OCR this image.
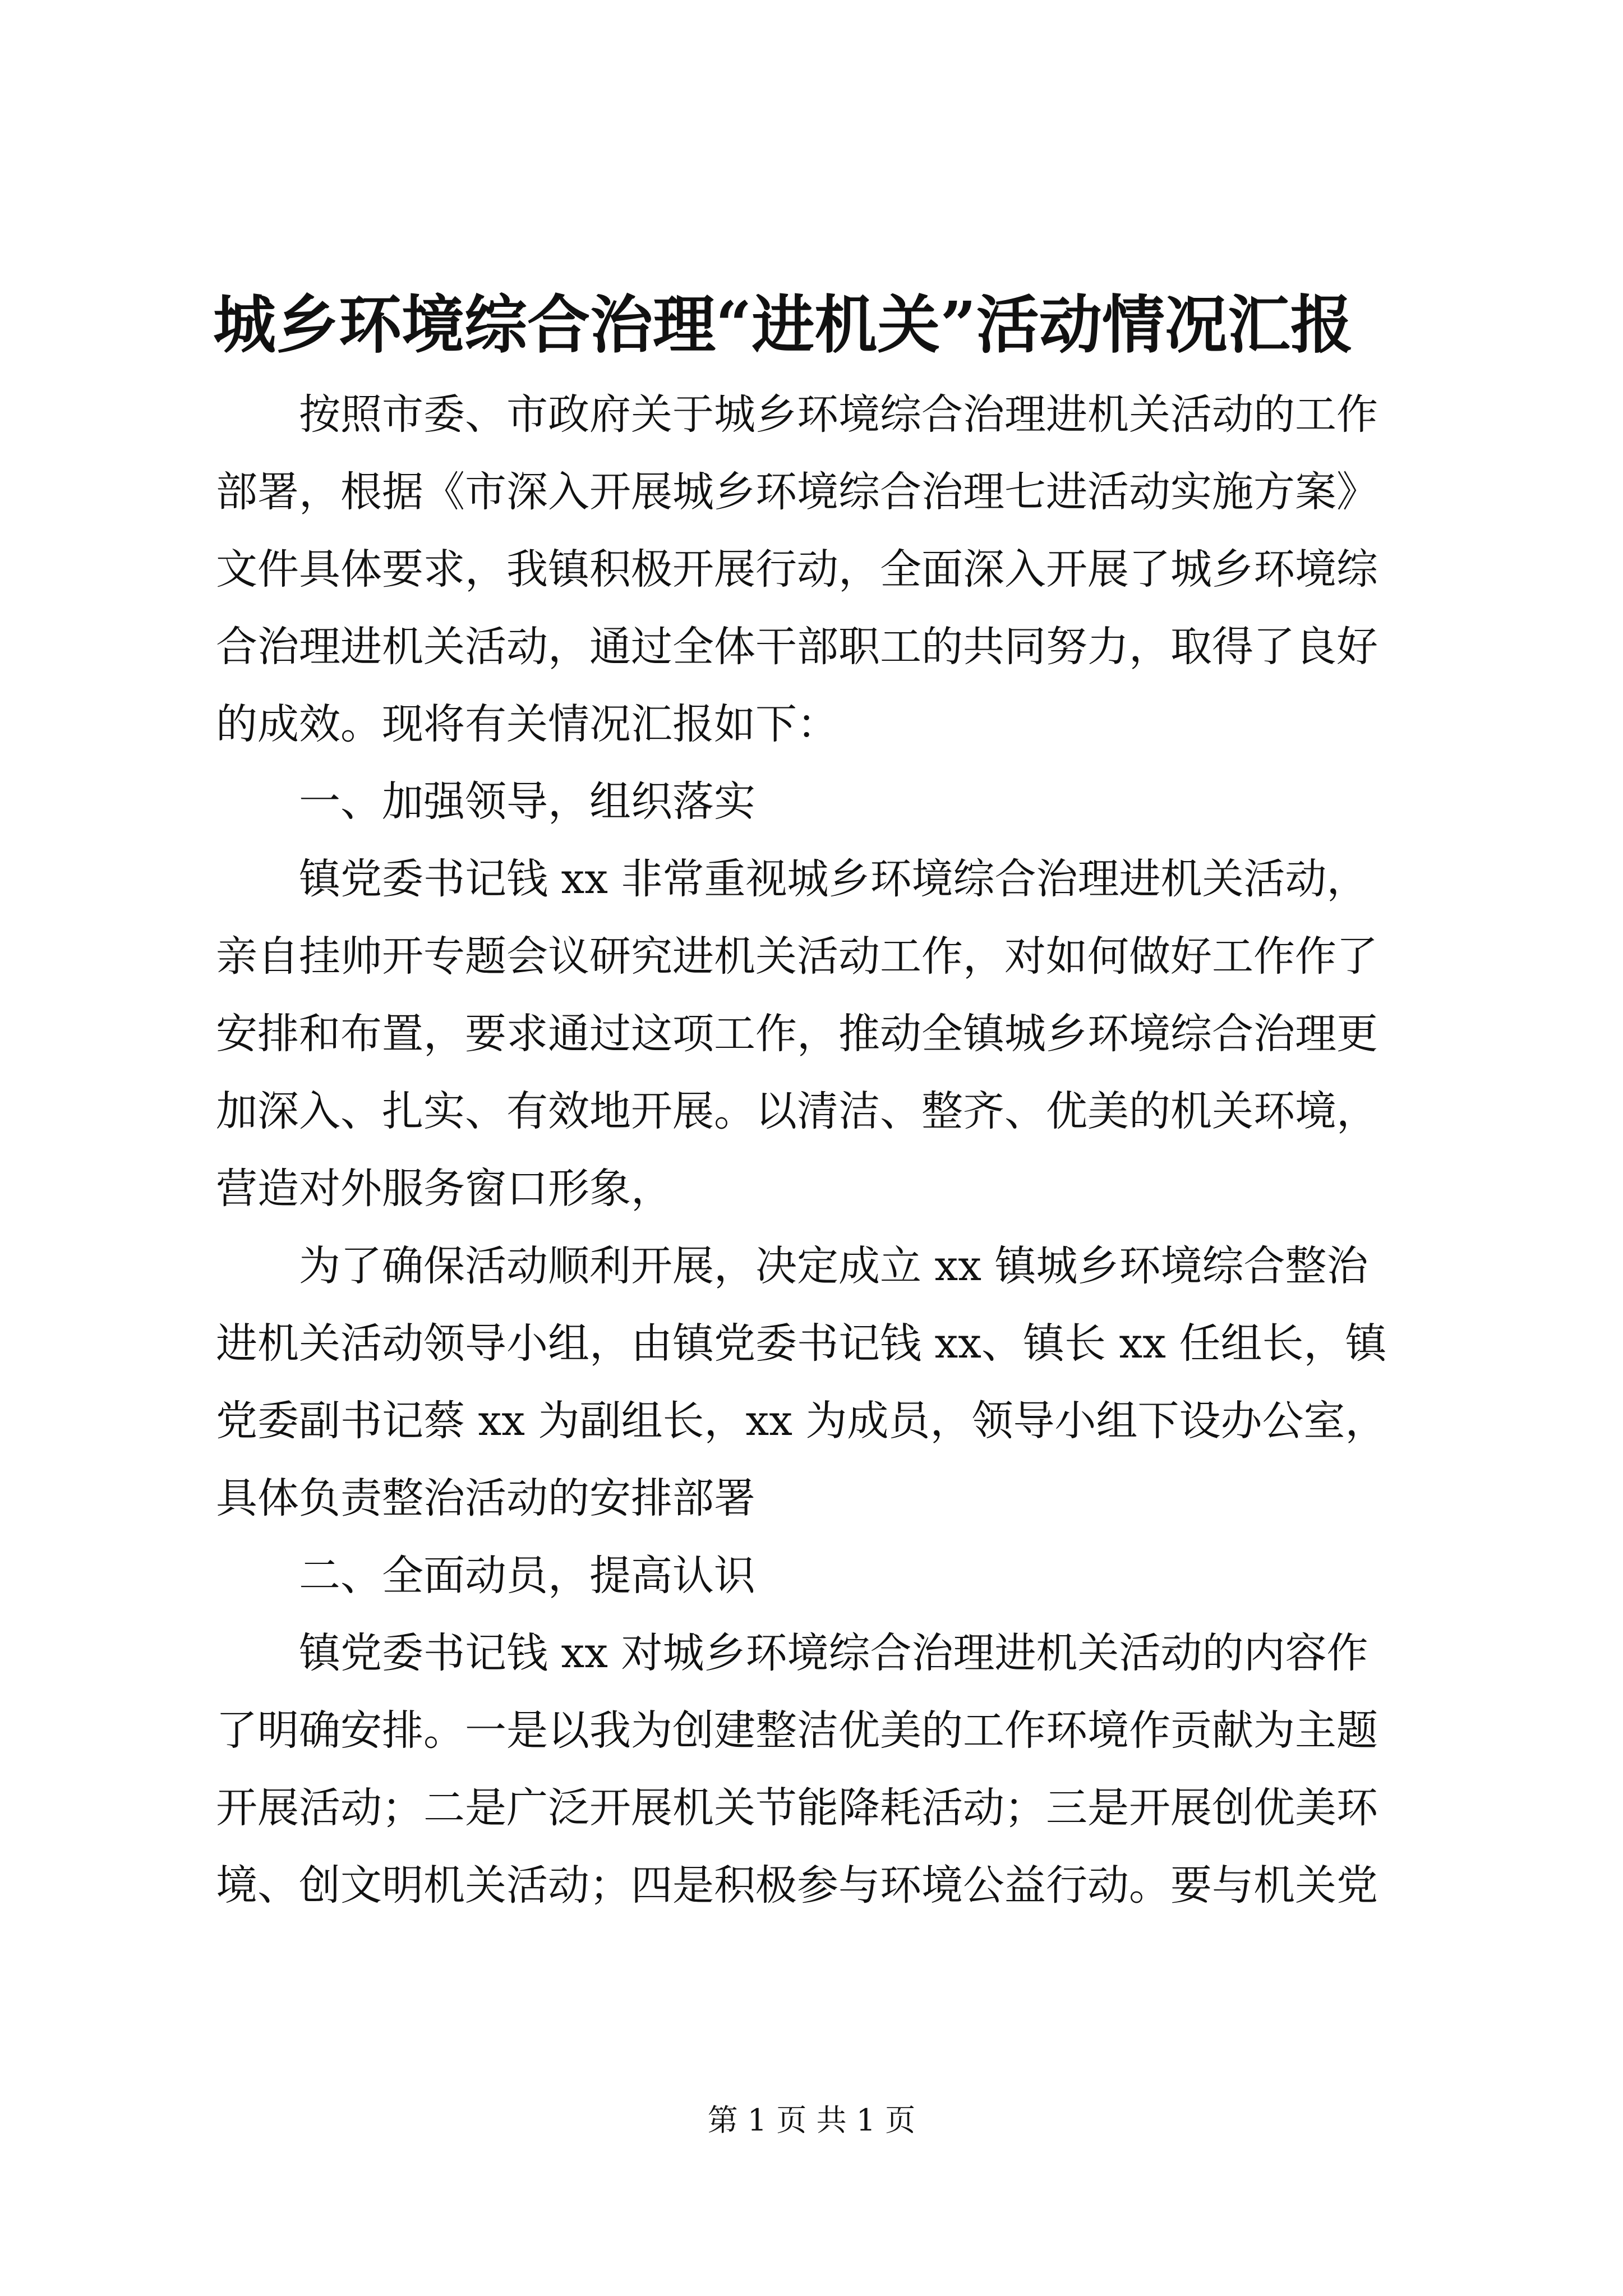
城乡环境综合治理“进机关”活动情况汇报

按照市委、市政府关于城乡环境综合治理进机关活动的工作

部署，根据《市深入开展城乡环境综合治理七进活动实施方案》

文件具体要求，我镇积极开展行动，全面深入开展了城乡环境综

合治理进机关活动，通过全体干部职工的共同努力，取得了良好

的成效。现将有关情况汇报如下：

一、加强领导，组织落实

镇党委书记钱 xx 非常重视城乡环境综合治理进机关活动，

亲自挂帅开专题会议研究进机关活动工作，对如何做好工作作了

安排和布置，要求通过这项工作，推动全镇城乡环境综合治理更

加深入、扎实、有效地开展。以清洁、整齐、优美的机关环境，

营造对外服务窗口形象，

为了确保活动顺利开展，决定成立 xx 镇城乡环境综合整治

进机关活动领导小组，由镇党委书记钱 xx、镇长 xx 任组长，镇

党委副书记蔡 xx 为副组长，xx 为成员，领导小组下设办公室，

具体负责整治活动的安排部署

二、全面动员，提高认识

镇党委书记钱 xx 对城乡环境综合治理进机关活动的内容作

了明确安排。一是以我为创建整洁优美的工作环境作贡献为主题

开展活动；二是广泛开展机关节能降耗活动；三是开展创优美环

境、创文明机关活动；四是积极参与环境公益行动。要与机关党

第 1 页 共 1 页
